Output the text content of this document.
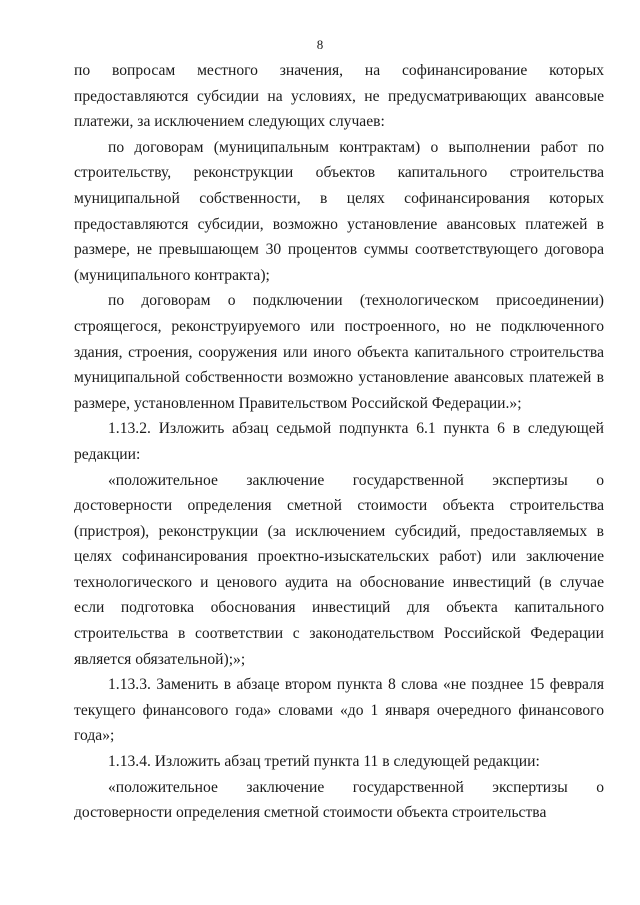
8

по вопросам местного значения, на софинансирование которых предоставляются субсидии на условиях, не предусматривающих авансовые платежи, за исключением следующих случаев:

по договорам (муниципальным контрактам) о выполнении работ по строительству, реконструкции объектов капитального строительства муниципальной собственности, в целях софинансирования которых предоставляются субсидии, возможно установление авансовых платежей в размере, не превышающем 30 процентов суммы соответствующего договора (муниципального контракта);

по договорам о подключении (технологическом присоединении) строящегося, реконструируемого или построенного, но не подключенного здания, строения, сооружения или иного объекта капитального строительства муниципальной собственности возможно установление авансовых платежей в размере, установленном Правительством Российской Федерации.»;

1.13.2. Изложить абзац седьмой подпункта 6.1 пункта 6 в следующей редакции:

«положительное заключение государственной экспертизы о достоверности определения сметной стоимости объекта строительства (пристроя), реконструкции (за исключением субсидий, предоставляемых в целях софинансирования проектно-изыскательских работ) или заключение технологического и ценового аудита на обоснование инвестиций (в случае если подготовка обоснования инвестиций для объекта капитального строительства в соответствии с законодательством Российской Федерации является обязательной);»;

1.13.3. Заменить в абзаце втором пункта 8 слова «не позднее 15 февраля текущего финансового года» словами «до 1 января очередного финансового года»;

1.13.4. Изложить абзац третий пункта 11 в следующей редакции:

«положительное заключение государственной экспертизы о достоверности определения сметной стоимости объекта строительства
